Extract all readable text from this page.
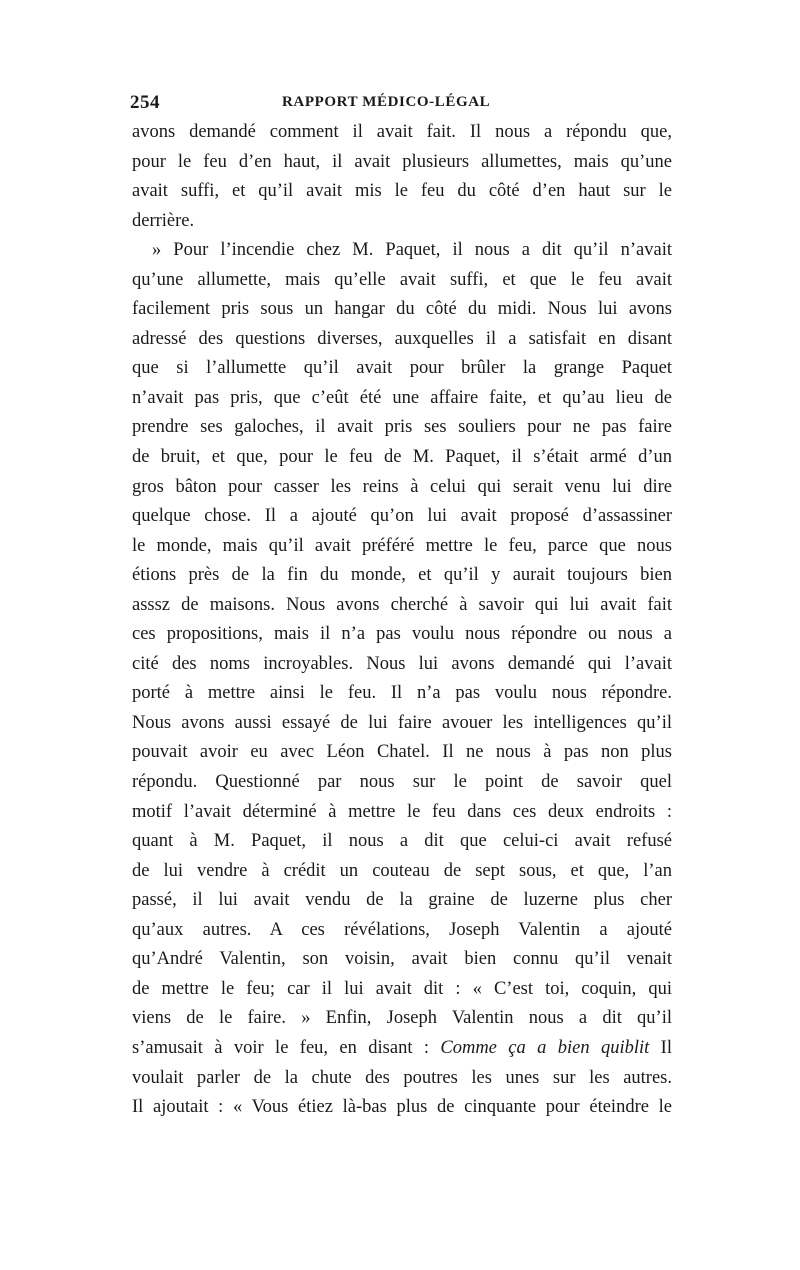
254	RAPPORT MÉDICO-LÉGAL
avons demandé comment il avait fait. Il nous a répondu que,
pour le feu d’en haut, il avait plusieurs allumettes, mais qu’une
avait suffi, et qu’il avait mis le feu du côté d’en haut sur le
derrière.
» Pour l’incendie chez M. Paquet, il nous a dit qu’il n’avait
qu’une allumette, mais qu’elle avait suffi, et que le feu avait
facilement pris sous un hangar du côté du midi. Nous lui avons
adressé des questions diverses, auxquelles il a satisfait en disant
que si l’allumette qu’il avait pour brûler la grange Paquet
n’avait pas pris, que c’eût été une affaire faite, et qu’au lieu de
prendre ses galoches, il avait pris ses souliers pour ne pas faire
de bruit, et que, pour le feu de M. Paquet, il s’était armé d’un
gros bâton pour casser les reins à celui qui serait venu lui dire
quelque chose. Il a ajouté qu’on lui avait proposé d’assassiner
le monde, mais qu’il avait préféré mettre le feu, parce que nous
étions près de la fin du monde, et qu’il y aurait toujours bien
asssz de maisons. Nous avons cherché à savoir qui lui avait fait
ces propositions, mais il n’a pas voulu nous répondre ou nous a
cité des noms incroyables. Nous lui avons demandé qui l’avait
porté à mettre ainsi le feu. Il n’a pas voulu nous répondre.
Nous avons aussi essayé de lui faire avouer les intelligences qu’il
pouvait avoir eu avec Léon Chatel. Il ne nous à pas non plus
répondu. Questionné par nous sur le point de savoir quel
motif l’avait déterminé à mettre le feu dans ces deux endroits :
quant à M. Paquet, il nous a dit que celui-ci avait refusé
de lui vendre à crédit un couteau de sept sous, et que, l’an
passé, il lui avait vendu de la graine de luzerne plus cher
qu’aux autres. A ces révélations, Joseph Valentin a ajouté
qu’André Valentin, son voisin, avait bien connu qu’il venait
de mettre le feu; car il lui avait dit : « C’est toi, coquin, qui
viens de le faire. » Enfin, Joseph Valentin nous a dit qu’il
s’amusait à voir le feu, en disant : Comme ça a bien quiblit Il
voulait parler de la chute des poutres les unes sur les autres.
Il ajoutait : « Vous étiez là-bas plus de cinquante pour éteindre le
